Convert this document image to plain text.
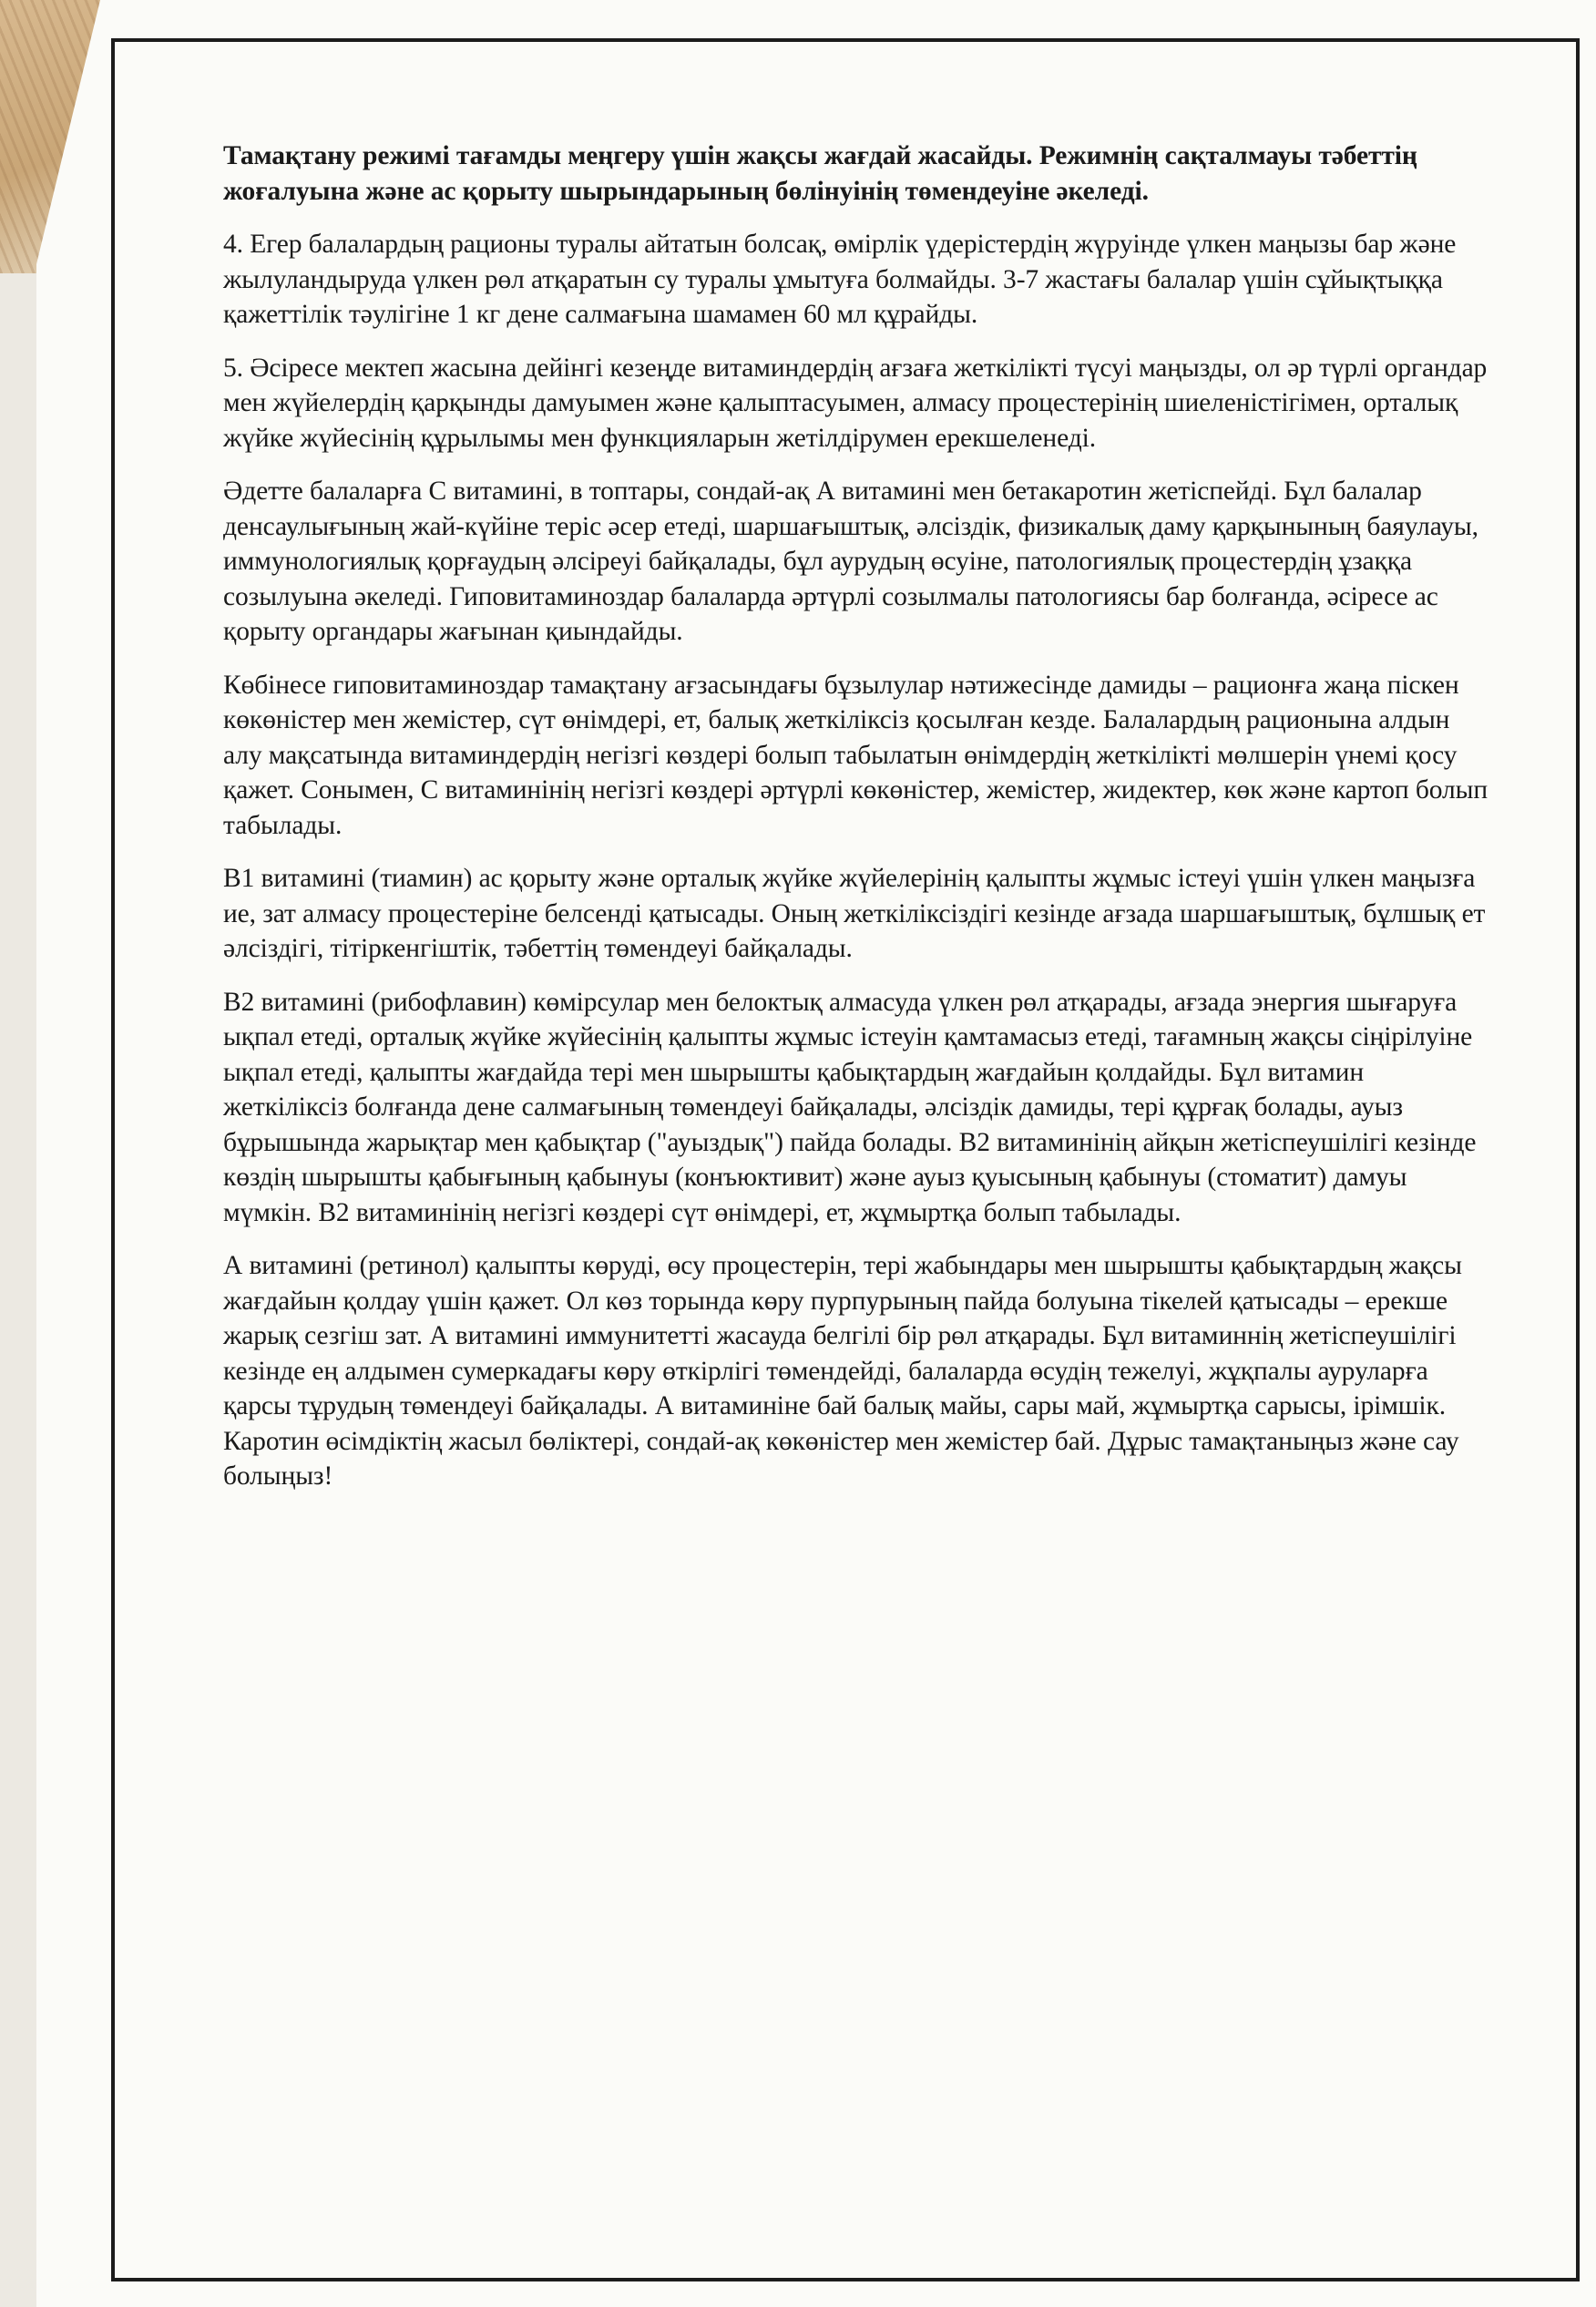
Тамақтану режимі тағамды меңгеру үшін жақсы жағдай жасайды. Режимнің сақталмауы тәбеттің жоғалуына және ас қорыту шырындарының бөлінуінің төмендеуіне әкеледі.

4. Егер балалардың рационы туралы айтатын болсақ, өмірлік үдерістердің жүруінде үлкен маңызы бар және жылуландыруда үлкен рөл атқаратын су туралы ұмытуға болмайды. 3-7 жастағы балалар үшін сұйықтыққа қажеттілік тәулігіне 1 кг дене салмағына шамамен 60 мл құрайды.

5. Әсіресе мектеп жасына дейінгі кезеңде витаминдердің ағзаға жеткілікті түсуі маңызды, ол әр түрлі органдар мен жүйелердің қарқынды дамуымен және қалыптасуымен, алмасу процестерінің шиеленістігімен, орталық жүйке жүйесінің құрылымы мен функцияларын жетілдірумен ерекшеленеді.

Әдетте балаларға С витамині, в топтары, сондай-ақ А витамині мен бетакаротин жетіспейді. Бұл балалар денсаулығының жай-күйіне теріс әсер етеді, шаршағыштық, әлсіздік, физикалық даму қарқынының баяулауы, иммунологиялық қорғаудың әлсіреуі байқалады, бұл аурудың өсуіне, патологиялық процестердің ұзаққа созылуына әкеледі. Гиповитаминоздар балаларда әртүрлі созылмалы патологиясы бар болғанда, әсіресе ас қорыту органдары жағынан қиындайды.

Көбінесе гиповитаминоздар тамақтану ағзасындағы бұзылулар нәтижесінде дамиды – рационға жаңа піскен көкөністер мен жемістер, сүт өнімдері, ет, балық жеткіліксіз қосылған кезде. Балалардың рационына алдын алу мақсатында витаминдердің негізгі көздері болып табылатын өнімдердің жеткілікті мөлшерін үнемі қосу қажет. Сонымен, С витаминінің негізгі көздері әртүрлі көкөністер, жемістер, жидектер, көк және картоп болып табылады.

В1 витамині (тиамин) ас қорыту және орталық жүйке жүйелерінің қалыпты жұмыс істеуі үшін үлкен маңызға ие, зат алмасу процестеріне белсенді қатысады. Оның жеткіліксіздігі кезінде ағзада шаршағыштық, бұлшық ет әлсіздігі, тітіркенгіштік, тәбеттің төмендеуі байқалады.

В2 витамині (рибофлавин) көмірсулар мен белоктық алмасуда үлкен рөл атқарады, ағзада энергия шығаруға ықпал етеді, орталық жүйке жүйесінің қалыпты жұмыс істеуін қамтамасыз етеді, тағамның жақсы сіңірілуіне ықпал етеді, қалыпты жағдайда тері мен шырышты қабықтардың жағдайын қолдайды. Бұл витамин жеткіліксіз болғанда дене салмағының төмендеуі байқалады, әлсіздік дамиды, тері құрғақ болады, ауыз бұрышында жарықтар мен қабықтар ("ауыздық") пайда болады. В2 витаминінің айқын жетіспеушілігі кезінде көздің шырышты қабығының қабынуы (конъюктивит) және ауыз қуысының қабынуы (стоматит) дамуы мүмкін. В2 витаминінің негізгі көздері сүт өнімдері, ет, жұмыртқа болып табылады.

А витамині (ретинол) қалыпты көруді, өсу процестерін, тері жабындары мен шырышты қабықтардың жақсы жағдайын қолдау үшін қажет. Ол көз торында көру пурпурының пайда болуына тікелей қатысады – ерекше жарық сезгіш зат. А витамині иммунитетті жасауда белгілі бір рөл атқарады. Бұл витаминнің жетіспеушілігі кезінде ең алдымен сумеркадағы көру өткірлігі төмендейді, балаларда өсудің тежелуі, жұқпалы ауруларға қарсы тұрудың төмендеуі байқалады. А витаминіне бай балық майы, сары май, жұмыртқа сарысы, ірімшік. Каротин өсімдіктің жасыл бөліктері, сондай-ақ көкөністер мен жемістер бай. Дұрыс тамақтаныңыз және сау болыңыз!
